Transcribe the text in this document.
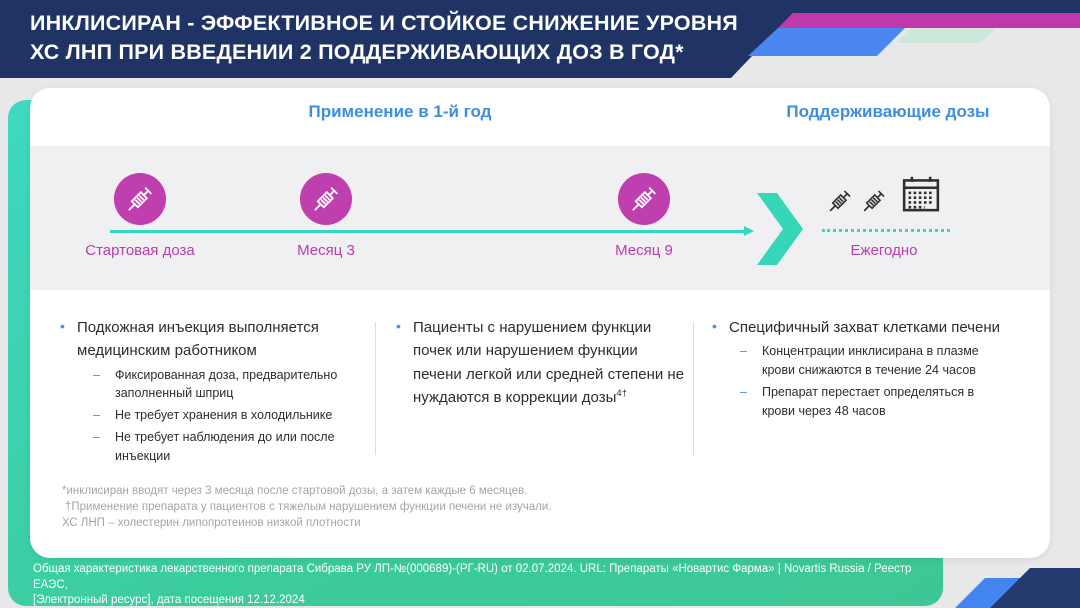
ИНКЛИСИРАН - ЭФФЕКТИВНОЕ И СТОЙКОЕ СНИЖЕНИЕ УРОВНЯ
ХС ЛНП ПРИ ВВЕДЕНИИ 2 ПОДДЕРЖИВАЮЩИХ ДОЗ В ГОД*
Применение в 1-й год	Поддерживающие дозы
Стартовая доза	Месяц 3	Месяц 9	Ежегодно
• Подкожная инъекция выполняется медицинским работником
–	Фиксированная доза, предварительно заполненный шприц
–	Не требует хранения в холодильнике
–	Не требует наблюдения до или после инъекции
• Пациенты с нарушением функции почек или нарушением функции печени легкой или средней степени не нуждаются в коррекции дозы$^{4\dagger}$
• Специфичный захват клетками печени
–	Концентрации инклисирана в плазме крови снижаются в течение 24 часов
–	Препарат перестает определяться в крови через 48 часов
*инклисиран вводят через 3 месяца после стартовой дозы, а затем каждые 6 месяцев.
†Применение препарата у пациентов с тяжелым нарушением функции печени не изучали.
ХС ЛНП – холестерин липопротеинов низкой плотности
Общая характеристика лекарственного препарата Сибрава РУ ЛП-№(000689)-(РГ-RU) от 02.07.2024. URL: Препараты «Новартис Фарма» | Novartis Russia / Реестр ЕАЭС,
[Электронный ресурс], дата посещения 12.12.2024
